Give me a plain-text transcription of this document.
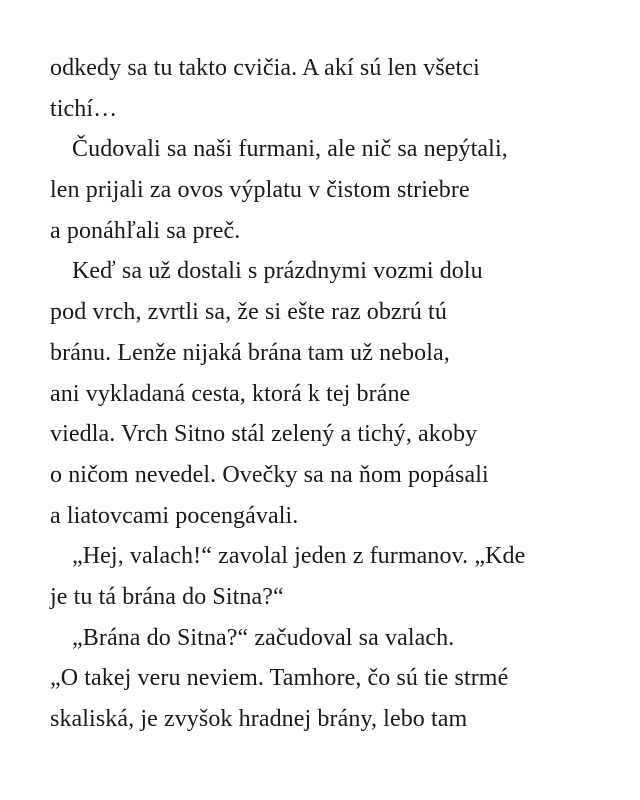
odkedy sa tu takto cvičia. A akí sú len všetci
tichí…
Čudovali sa naši furmani, ale nič sa nepýtali,
len prijali za ovos výplatu v čistom striebre
a ponáhľali sa preč.
Keď sa už dostali s prázdnymi vozmi dolu
pod vrch, zvrtli sa, že si ešte raz obzrú tú
bránu. Lenže nijaká brána tam už nebola,
ani vykladaná cesta, ktorá k tej bráne
viedla. Vrch Sitno stál zelený a tichý, akoby
o ničom nevedel. Ovečky sa na ňom popásali
a liatovcami pocengávali.
„Hej, valach!“ zavolal jeden z furmanov. „Kde
je tu tá brána do Sitna?“
„Brána do Sitna?“ začudoval sa valach.
„O takej veru neviem. Tamhore, čo sú tie strmé
skaliská, je zvyšok hradnej brány, lebo tam
